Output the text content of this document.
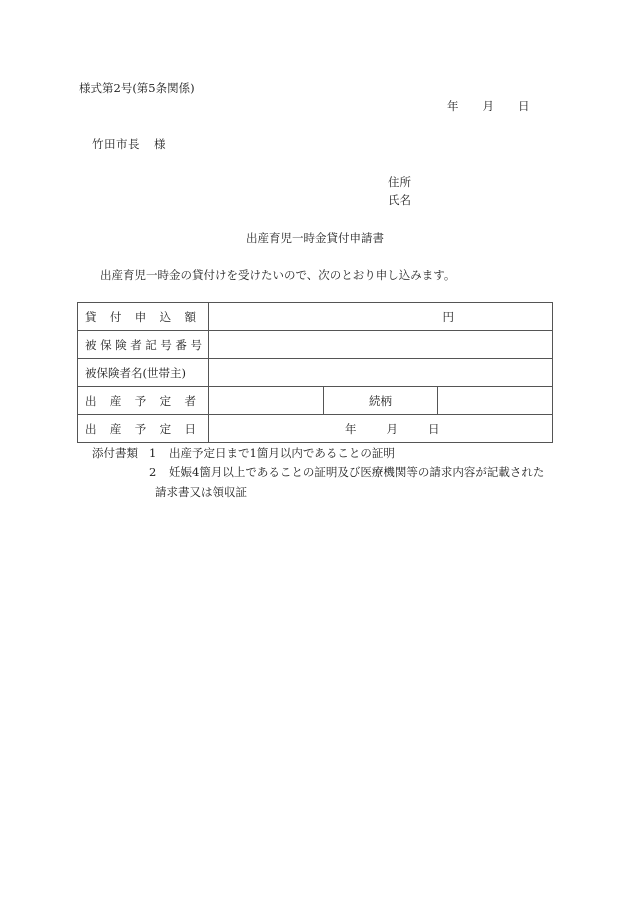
様式第2号(第5条関係)
年 月 日
竹田市長 様
住所
氏名
出産育児一時金貸付申請書
出産育児一時金の貸付けを受けたいので、次のとおり申し込みます。
貸 付 申 込 額	円		

被 保 険 者 記 号 番 号

被保険者名(世帯主)			

出 産 予 定 者		続柄	

出 産 予 定 日	年 月 日		
添付書類 1 出産予定日まで1箇月以内であることの証明
2 妊娠4箇月以上であることの証明及び医療機関等の請求内容が記載された
請求書又は領収証
